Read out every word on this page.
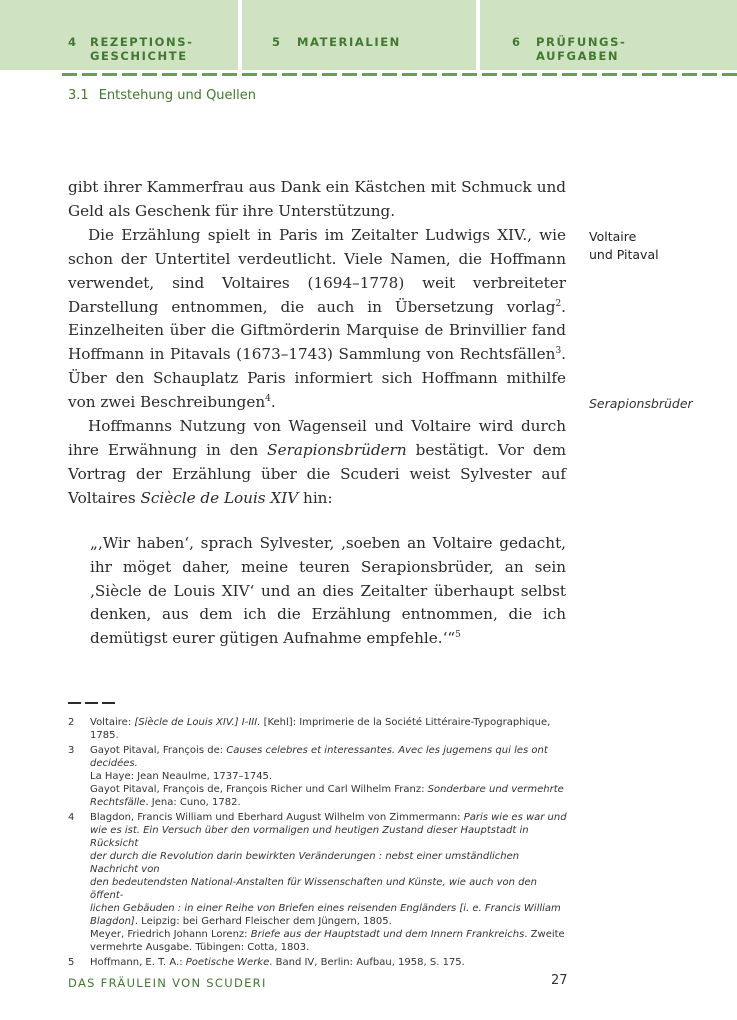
4 REZEPTIONS-
GESCHICHTE
5 MATERIALIEN	6 PRÜFUNGS-
AUFGABEN
3.1 Entstehung und Quellen

gibt ihrer Kammerfrau aus Dank ein Kästchen mit Schmuck und Geld als Geschenk für ihre Unterstützung.

Die Erzählung spielt in Paris im Zeitalter Ludwigs XIV., wie schon der Untertitel verdeutlicht. Viele Namen, die Hoffmann verwendet, sind Voltaires (1694–1778) weit verbreiteter Darstellung entnommen, die auch in Übersetzung vorlag$^2$. Einzelheiten über die Giftmörderin Marquise de Brinvillier fand Hoffmann in Pitavals (1673–1743) Sammlung von Rechtsfällen$^3$. Über den Schauplatz Paris informiert sich Hoffmann mithilfe von zwei Beschreibungen$^4$.

Hoffmanns Nutzung von Wagenseil und Voltaire wird durch ihre Erwähnung in den Serapionsbrüdern bestätigt. Vor dem Vortrag der Erzählung über die Scuderi weist Sylvester auf Voltaires Sciècle de Louis XIV hin:

„‚Wir haben‘, sprach Sylvester, ‚soeben an Voltaire gedacht, ihr möget daher, meine teuren Serapionsbrüder, an sein ‚Siècle de Louis XIV‘ und an dies Zeitalter überhaupt selbst denken, aus dem ich die Erzählung entnommen, die ich demütigst eurer gütigen Aufnahme empfehle.‘“$^5$

Voltaire
und Pitaval
Serapionsbrüder
2 Voltaire: [Siècle de Louis XIV.] I-III. [Kehl]: Imprimerie de la Société Littéraire-Typographique,
1785.
3 Gayot Pitaval, François de: Causes celebres et interessantes. Avec les jugemens qui les ont decidées.
La Haye: Jean Neaulme, 1737–1745.
Gayot Pitaval, François de, François Richer und Carl Wilhelm Franz: Sonderbare und vermehrte
Rechtsfälle. Jena: Cuno, 1782.
4 Blagdon, Francis William und Eberhard August Wilhelm von Zimmermann: Paris wie es war und
wie es ist. Ein Versuch über den vormaligen und heutigen Zustand dieser Hauptstadt in Rücksicht
der durch die Revolution darin bewirkten Veränderungen : nebst einer umständlichen Nachricht von
den bedeutendsten National-Anstalten für Wissenschaften und Künste, wie auch von den öffent-
lichen Gebäuden : in einer Reihe von Briefen eines reisenden Engländers [i. e. Francis William
Blagdon]. Leipzig: bei Gerhard Fleischer dem Jüngern, 1805.
Meyer, Friedrich Johann Lorenz: Briefe aus der Hauptstadt und dem Innern Frankreichs. Zweite
vermehrte Ausgabe. Tübingen: Cotta, 1803.
5 Hoffmann, E. T. A.: Poetische Werke. Band IV, Berlin: Aufbau, 1958, S. 175.
DAS FRÄULEIN VON SCUDERI	27
